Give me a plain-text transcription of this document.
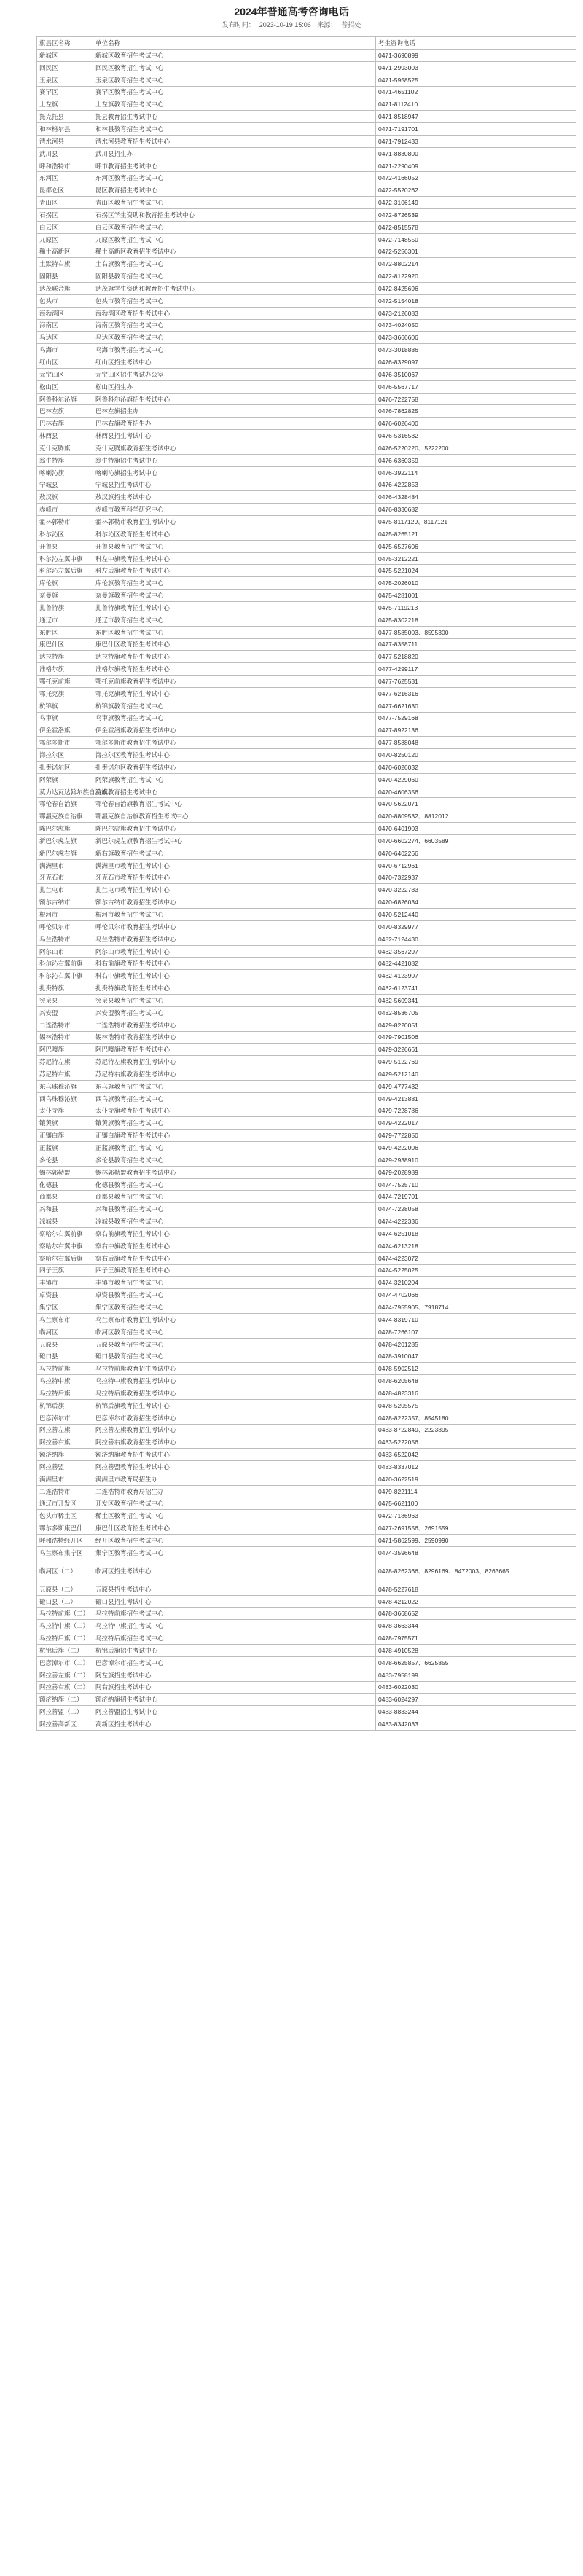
2024年普通高考咨询电话
发布时间： 2023-10-19 15:06 来源： 普招处
旗县区名称	单位名称	考生咨询电话
新城区	新城区教育招生考试中心	0471-3690899
回民区	回民区教育招生考试中心	0471-2993003
玉泉区	玉泉区教育招生考试中心	0471-5958525
赛罕区	赛罕区教育招生考试中心	0471-4651102
土左旗	土左旗教育招生考试中心	0471-8112410
托克托县	托县教育招生考试中心	0471-8518947
和林格尔县	和林县教育招生考试中心	0471-7191701
清水河县	清水河县教育招生考试中心	0471-7912433
武川县	武川县招生办	0471-8830800
呼和浩特市	呼市教育招生考试中心	0471-2290409
东河区	东河区教育招生考试中心	0472-4166052
昆都仑区	昆区教育招生考试中心	0472-5520262
青山区	青山区教育招生考试中心	0472-3106149
石拐区	石拐区学生资助和教育招生考试中心	0472-8726539
白云区	白云区教育招生考试中心	0472-8515578
九原区	九原区教育招生考试中心	0472-7148550
稀土高新区	稀土高新区教育招生考试中心	0472-5256301
土默特右旗	土右旗教育招生考试中心	0472-8802214
固阳县	固阳县教育招生考试中心	0472-8122920
达茂联合旗	达茂旗学生资助和教育招生考试中心	0472-8425696
包头市	包头市教育招生考试中心	0472-5154018
海勃湾区	海勃湾区教育招生考试中心	0473-2126083
海南区	海南区教育招生考试中心	0473-4024050
乌达区	乌达区教育招生考试中心	0473-3666606
乌海市	乌海市教育招生考试中心	0473-3018886
红山区	红山区招生考试中心	0476-8329097
元宝山区	元宝山区招生考试办公室	0476-3510067
松山区	松山区招生办	0476-5567717
阿鲁科尔沁旗	阿鲁科尔沁旗招生考试中心	0476-7222758
巴林左旗	巴林左旗招生办	0476-7862825
巴林右旗	巴林右旗教育招生办	0476-6026400
林西县	林西县招生考试中心	0476-5316532
克什克腾旗	克什克腾旗教育招生考试中心	0476-5220220、5222200
翁牛特旗	翁牛特旗招生考试中心	0476-6360359
喀喇沁旗	喀喇沁旗招生考试中心	0476-3922114
宁城县	宁城县招生考试中心	0476-4222853
敖汉旗	敖汉旗招生考试中心	0476-4328484
赤峰市	赤峰市教育科学研究中心	0476-8330682
霍林郭勒市	霍林郭勒市教育招生考试中心	0475-8117129、8117121
科尔沁区	科尔沁区教育招生考试中心	0475-8265121
开鲁县	开鲁县教育招生考试中心	0475-6527606
科尔沁左翼中旗	科左中旗教育招生考试中心	0475-3212221
科尔沁左翼后旗	科左后旗教育招生考试中心	0475-5221024
库伦旗	库伦旗教育招生考试中心	0475-2026010
奈曼旗	奈曼旗教育招生考试中心	0475-4281001
扎鲁特旗	扎鲁特旗教育招生考试中心	0475-7119213
通辽市	通辽市教育招生考试中心	0475-8302218
东胜区	东胜区教育招生考试中心	0477-8585003、8595300
康巴什区	康巴什区教育招生考试中心	0477-8358711
达拉特旗	达拉特旗教育招生考试中心	0477-5218820
准格尔旗	准格尔旗教育招生考试中心	0477-4299117
鄂托克前旗	鄂托克前旗教育招生考试中心	0477-7625531
鄂托克旗	鄂托克旗教育招生考试中心	0477-6216316
杭锦旗	杭锦旗教育招生考试中心	0477-6621630
乌审旗	乌审旗教育招生考试中心	0477-7529168
伊金霍洛旗	伊金霍洛旗教育招生考试中心	0477-8922136
鄂尔多斯市	鄂尔多斯市教育招生考试中心	0477-8588048
海拉尔区	海拉尔区教育招生考试中心	0470-8250120
扎赉诺尔区	扎赉诺尔区教育招生考试中心	0470-6026032
阿荣旗	阿荣旗教育招生考试中心	0470-4229060
莫力达瓦达斡尔族自治旗	莫旗教育招生考试中心	0470-4606356
鄂伦春自治旗	鄂伦春自治旗教育招生考试中心	0470-5622071
鄂温克族自治旗	鄂温克族自治旗教育招生考试中心	0470-8809532、8812012
陈巴尔虎旗	陈巴尔虎旗教育招生考试中心	0470-6401903
新巴尔虎左旗	新巴尔虎左旗教育招生考试中心	0470-6602274、6603589
新巴尔虎右旗	新右旗教育招生考试中心	0470-6402266
满洲里市	满洲里市教育招生考试中心	0470-6712961
牙克石市	牙克石市教育招生考试中心	0470-7322937
扎兰屯市	扎兰屯市教育招生考试中心	0470-3222783
额尔古纳市	额尔古纳市教育招生考试中心	0470-6826034
根河市	根河市教育招生考试中心	0470-5212440
呼伦贝尔市	呼伦贝尔市教育招生考试中心	0470-8329977
乌兰浩特市	乌兰浩特市教育招生考试中心	0482-7124430
阿尔山市	阿尔山市教育招生考试中心	0482-3567297
科尔沁右翼前旗	科右前旗教育招生考试中心	0482-4421082
科尔沁右翼中旗	科右中旗教育招生考试中心	0482-4123907
扎赉特旗	扎赉特旗教育招生考试中心	0482-6123741
突泉县	突泉县教育招生考试中心	0482-5609341
兴安盟	兴安盟教育招生考试中心	0482-8536705
二连浩特市	二连浩特市教育招生考试中心	0479-8220051
锡林浩特市	锡林浩特市教育招生考试中心	0479-7901506
阿巴嘎旗	阿巴嘎旗教育招生考试中心	0479-3226661
苏尼特左旗	苏尼特左旗教育招生考试中心	0479-5122769
苏尼特右旗	苏尼特右旗教育招生考试中心	0479-5212140
东乌珠穆沁旗	东乌旗教育招生考试中心	0479-4777432
西乌珠穆沁旗	西乌旗教育招生考试中心	0479-4213881
太仆寺旗	太仆寺旗教育招生考试中心	0479-7228786
镶黄旗	镶黄旗教育招生考试中心	0479-4222017
正镶白旗	正镶白旗教育招生考试中心	0479-7722850
正蓝旗	正蓝旗教育招生考试中心	0479-4222006
多伦县	多伦县教育招生考试中心	0479-2938910
锡林郭勒盟	锡林郭勒盟教育招生考试中心	0479-2028989
化德县	化德县教育招生考试中心	0474-7525710
商都县	商都县教育招生考试中心	0474-7219701
兴和县	兴和县教育招生考试中心	0474-7228058
凉城县	凉城县教育招生考试中心	0474-4222336
察哈尔右翼前旗	察右前旗教育招生考试中心	0474-6251018
察哈尔右翼中旗	察右中旗教育招生考试中心	0474-6213218
察哈尔右翼后旗	察右后旗教育招生考试中心	0474-4223072
四子王旗	四子王旗教育招生考试中心	0474-5225025
丰镇市	丰镇市教育招生考试中心	0474-3210204
卓资县	卓资县教育招生考试中心	0474-4702066
集宁区	集宁区教育招生考试中心	0474-7955905、7918714
乌兰察布市	乌兰察布市教育招生考试中心	0474-8319710
临河区	临河区教育招生考试中心	0478-7266107
五原县	五原县教育招生考试中心	0478-4201285
磴口县	磴口县教育招生考试中心	0478-3910047
乌拉特前旗	乌拉特前旗教育招生考试中心	0478-5902512
乌拉特中旗	乌拉特中旗教育招生考试中心	0478-6205648
乌拉特后旗	乌拉特后旗教育招生考试中心	0478-4823316
杭锦后旗	杭锦后旗教育招生考试中心	0478-5205575
巴彦淖尔市	巴彦淖尔市教育招生考试中心	0478-8222357、8545180
阿拉善左旗	阿拉善左旗教育招生考试中心	0483-8722849、2223895
阿拉善右旗	阿拉善右旗教育招生考试中心	0483-5222056
额济纳旗	额济纳旗教育招生考试中心	0483-6522042
阿拉善盟	阿拉善盟教育招生考试中心	0483-8337012
满洲里市	满洲里市教育局招生办	0470-3622519
二连浩特市	二连浩特市教育局招生办	0479-8221114
通辽市开发区	开发区教育招生考试中心	0475-6621100
包头市稀土区	稀土区教育招生考试中心	0472-7186963
鄂尔多斯康巴什	康巴什区教育招生考试中心	0477-2691556、2691559
呼和浩特经开区	经开区教育招生考试中心	0471-5862599、2590990
乌兰察布集宁区	集宁区教育招生考试中心	0474-3596648
临河区（二）	临河区招生考试中心	0478-8262366、8296169、8472003、8263665
五原县（二）	五原县招生考试中心	0478-5227618
磴口县（二）	磴口县招生考试中心	0478-4212022
乌拉特前旗（二）	乌拉特前旗招生考试中心	0478-3668652
乌拉特中旗（二）	乌拉特中旗招生考试中心	0478-3663344
乌拉特后旗（二）	乌拉特后旗招生考试中心	0478-7975571
杭锦后旗（二）	杭锦后旗招生考试中心	0478-4910528
巴彦淖尔市（二）	巴彦淖尔市招生考试中心	0478-6625857、6625855
阿拉善左旗（二）	阿左旗招生考试中心	0483-7958199
阿拉善右旗（二）	阿右旗招生考试中心	0483-6022030
额济纳旗（二）	额济纳旗招生考试中心	0483-6024297
阿拉善盟（二）	阿拉善盟招生考试中心	0483-8833244
阿拉善高新区	高新区招生考试中心	0483-8342033
